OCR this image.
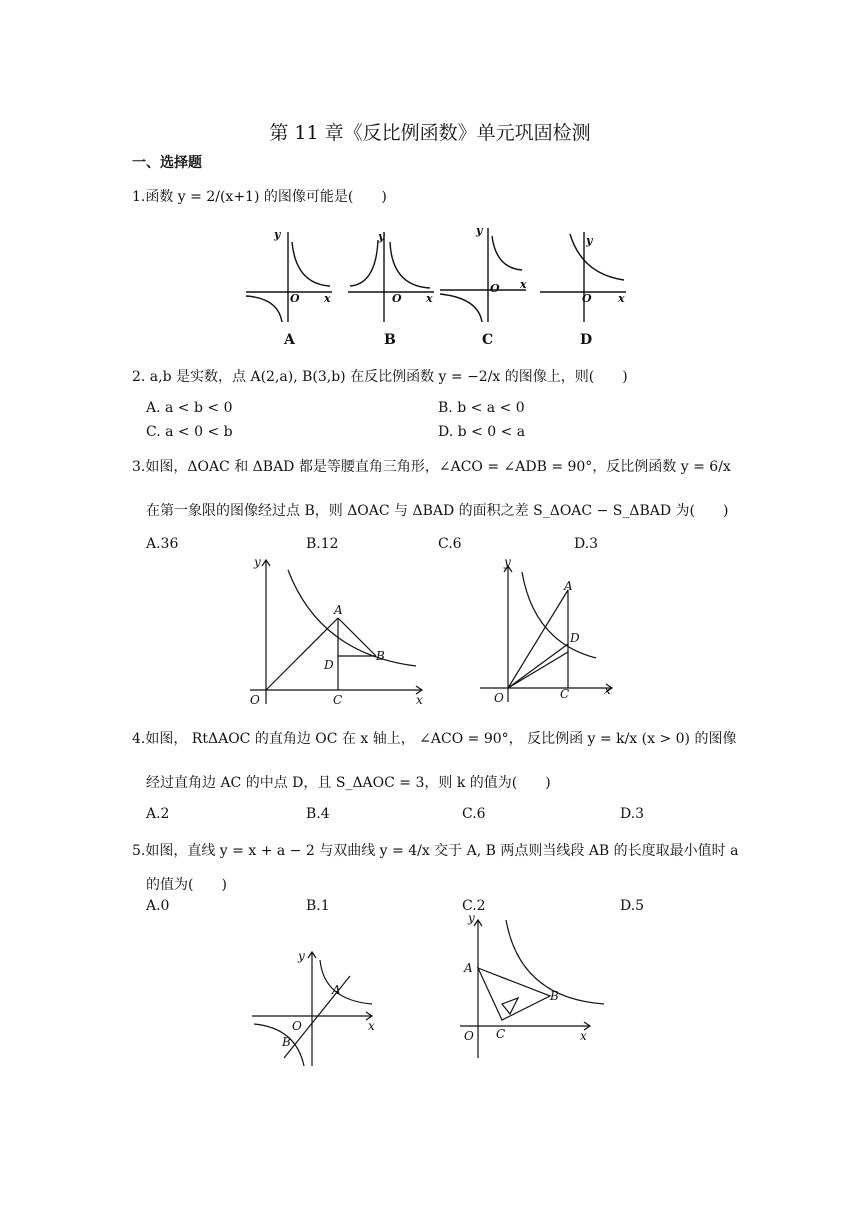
第 11 章《反比例函数》单元巩固检测
一、选择题
1.函数 y = 2/(x+1) 的图像可能是(　　)
y
O x
y
O x
y
O x
y
O x
A	B	C	D
2. a,b 是实数，点 A(2,a), B(3,b) 在反比例函数 y = −2/x 的图像上，则(　　)
A. a < b < 0	B. b < a < 0
C. a < 0 < b	D. b < 0 < a
3.如图，ΔOAC 和 ΔBAD 都是等腰直角三角形，∠ACO = ∠ADB = 90°，反比例函数 y = 6/x
在第一象限的图像经过点 B，则 ΔOAC 与 ΔBAD 的面积之差 S_ΔOAC − S_ΔBAD 为(　　)
A.36	B.12	C.6	D.3
y
x
O
A
B
C
D
y
x
O
A
D
C
4.如图， RtΔAOC 的直角边 OC 在 x 轴上， ∠ACO = 90°， 反比例函 y = k/x (x > 0) 的图像
经过直角边 AC 的中点 D，且 S_ΔAOC = 3，则 k 的值为(　　)
A.2	B.4	C.6	D.3
5.如图，直线 y = x + a − 2 与双曲线 y = 4/x 交于 A, B 两点则当线段 AB 的长度取最小值时 a
的值为(　　)
A.0	B.1	C.2	D.5
y
x
O
A
B
y
x
O
A
B
C
